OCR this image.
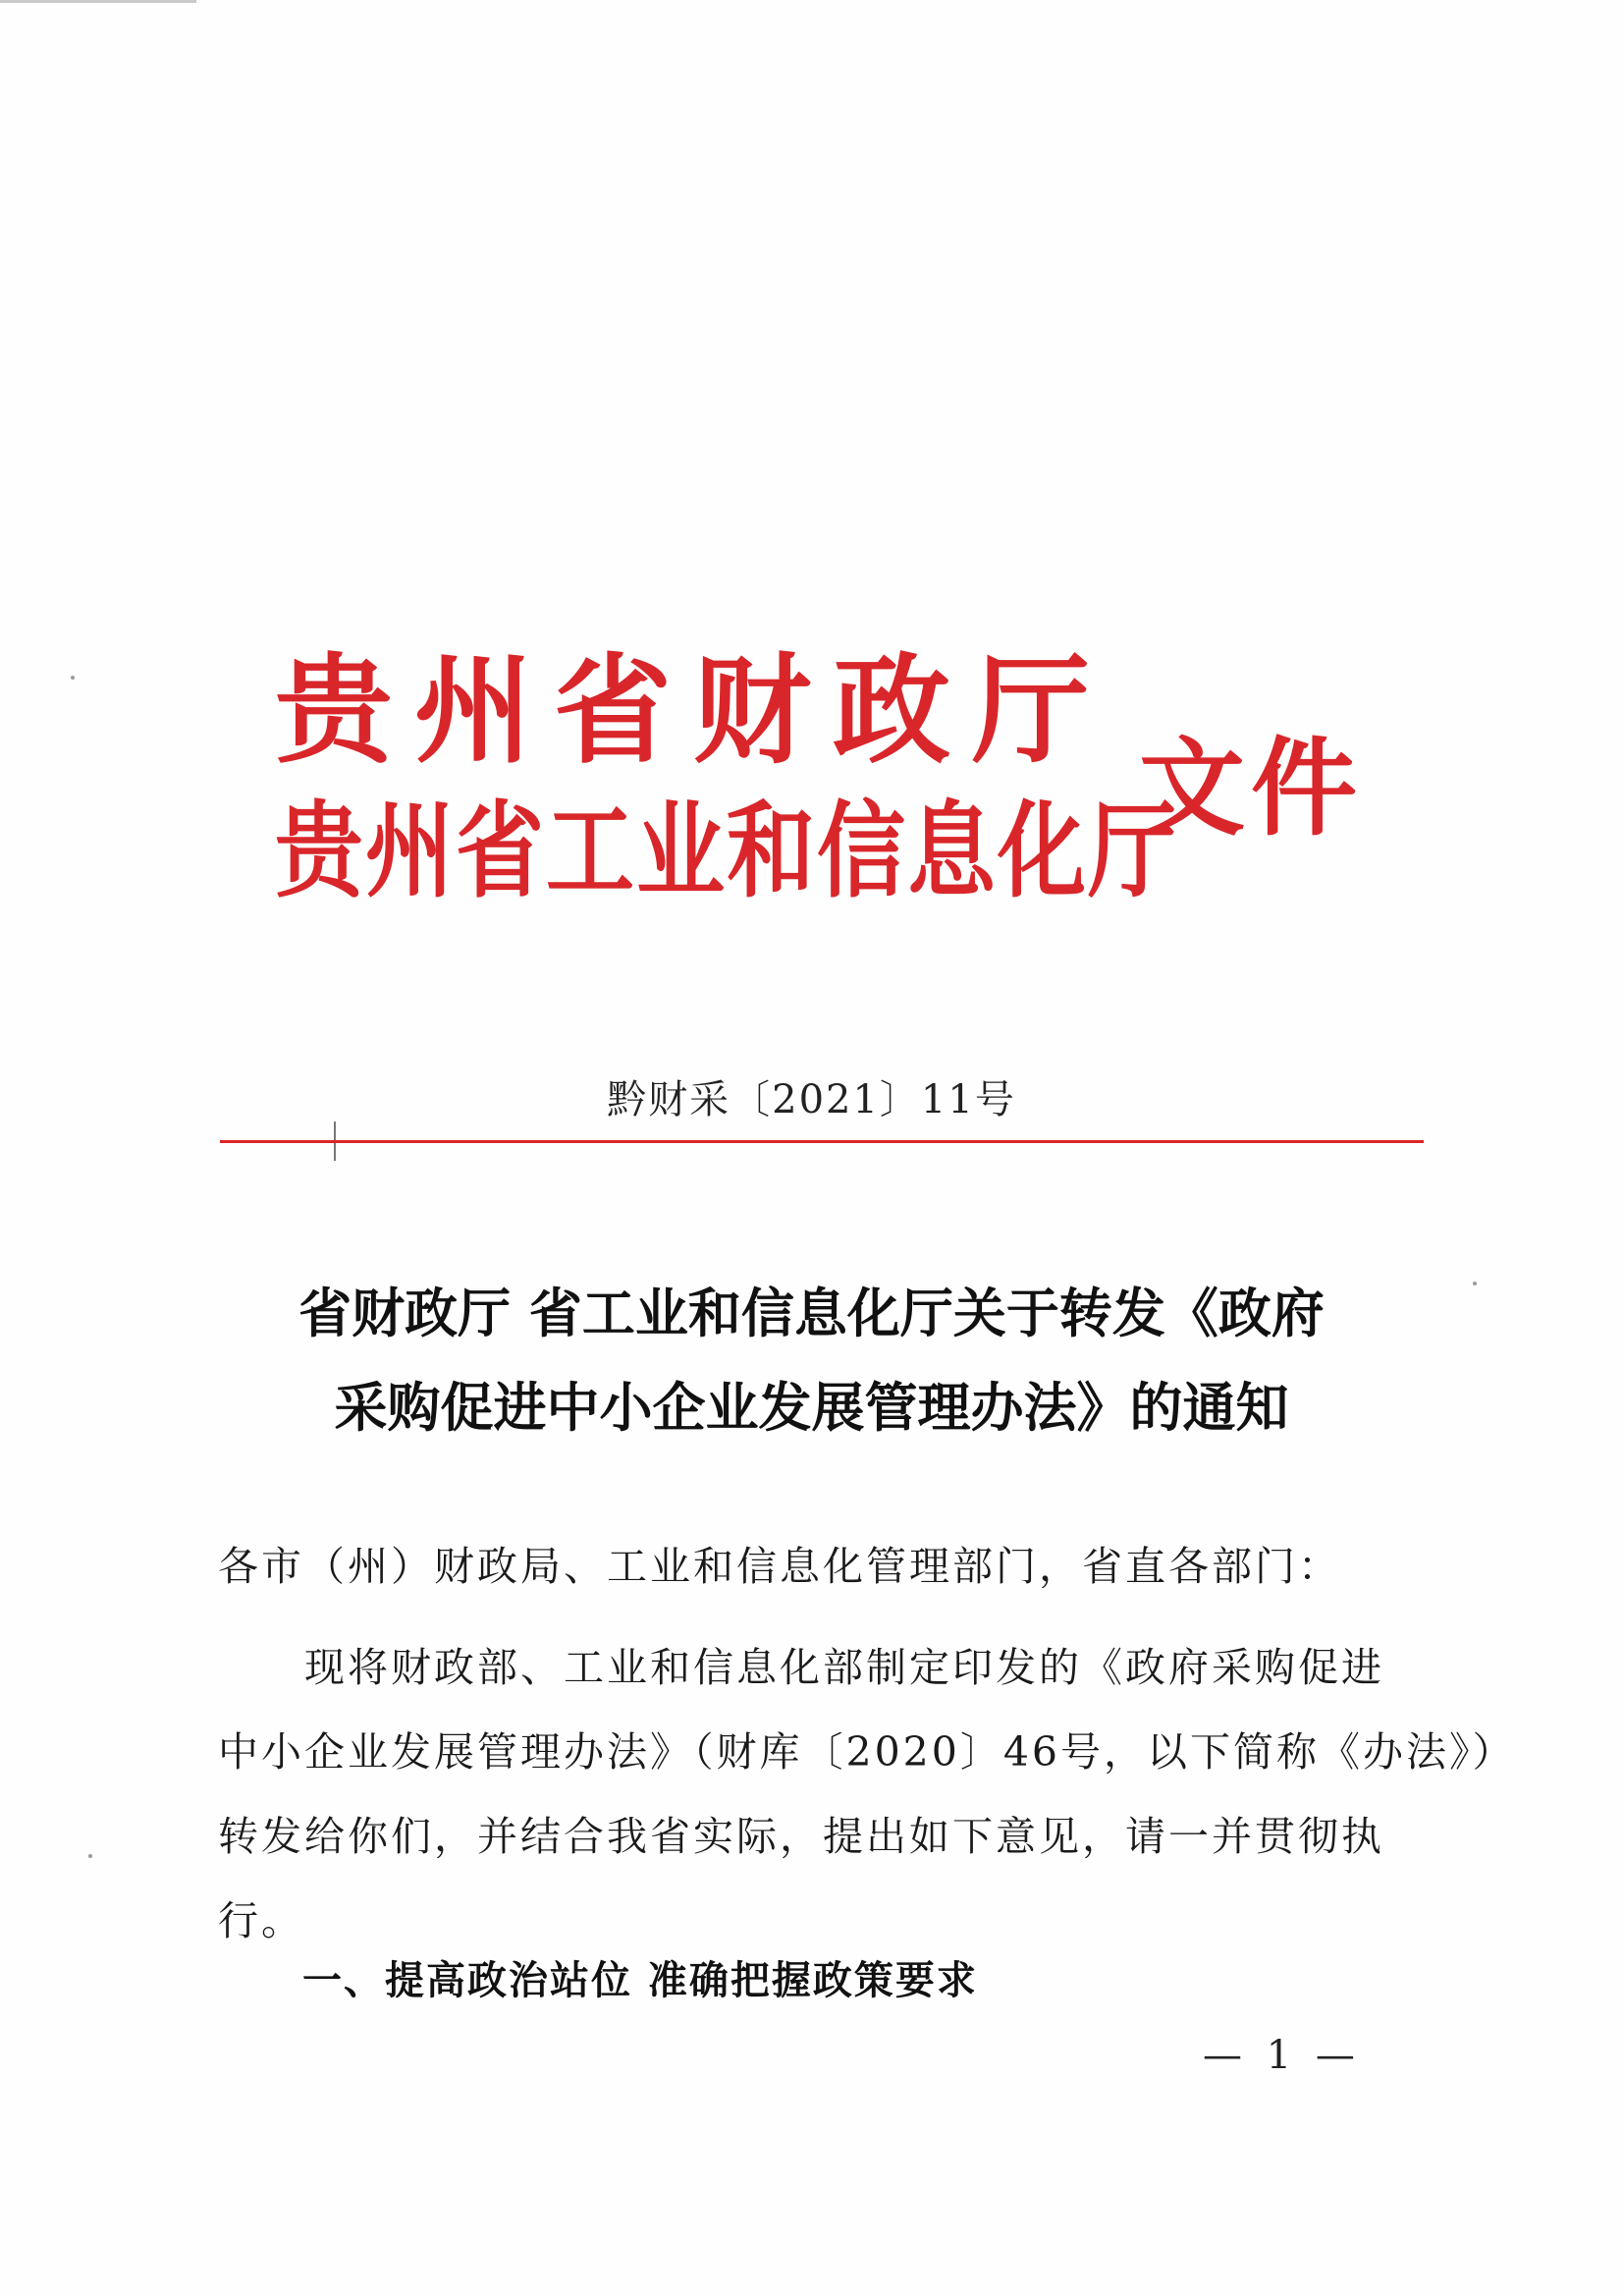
贵州省财政厅
贵州省工业和信息化厅
文件
黔财采〔2021〕11号
省财政厅 省工业和信息化厅关于转发《政府
采购促进中小企业发展管理办法》的通知
各市（州）财政局、工业和信息化管理部门，省直各部门：
现将财政部、工业和信息化部制定印发的《政府采购促进
中小企业发展管理办法》（财库〔2020〕46号，以下简称《办法》）
转发给你们，并结合我省实际，提出如下意见，请一并贯彻执
行。
一、提高政治站位 准确把握政策要求
— 1 —
